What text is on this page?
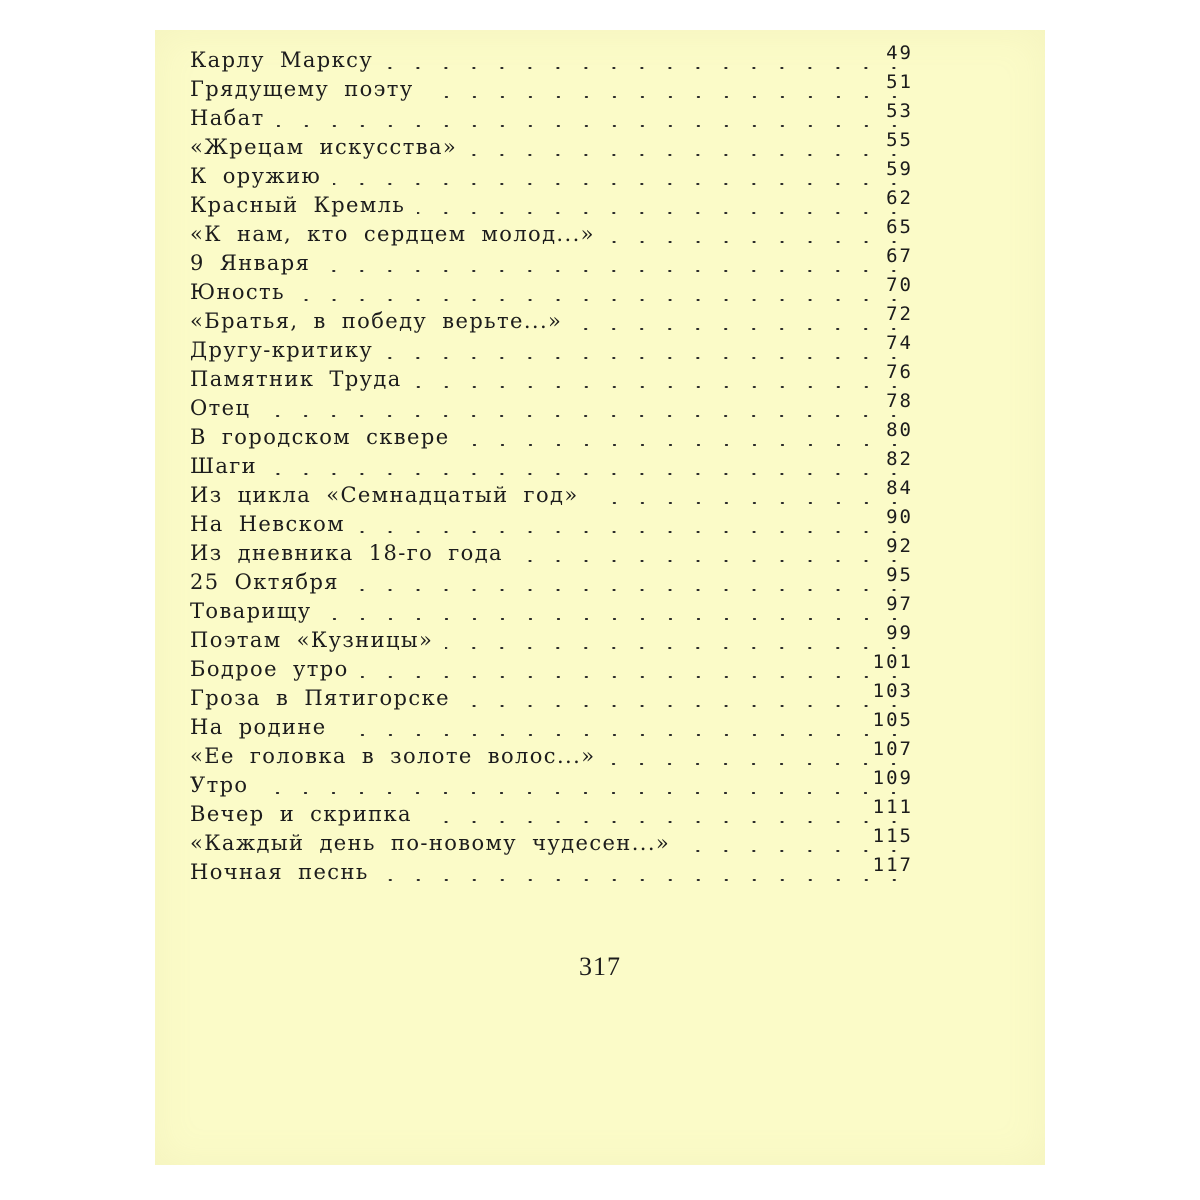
Карлу Марксу	49
Грядущему поэту	51
Набат	53
«Жрецам искусства»	55
К оружию	59
Красный Кремль	62
«К нам, кто сердцем молод...»	65
9 Января	67
Юность	70
«Братья, в победу верьте...»	72
Другу-критику	74
Памятник Труда	76
Отец	78
В городском сквере	80
Шаги	82
Из цикла «Семнадцатый год»	84
На Невском	90
Из дневника 18-го года	92
25 Октября	95
Товарищу	97
Поэтам «Кузницы»	99
Бодрое утро	101
Гроза в Пятигорске	103
На родине	105
«Ее головка в золоте волос...»	107
Утро	109
Вечер и скрипка	111
«Каждый день по-новому чудесен...»	115
Ночная песнь	117
317
